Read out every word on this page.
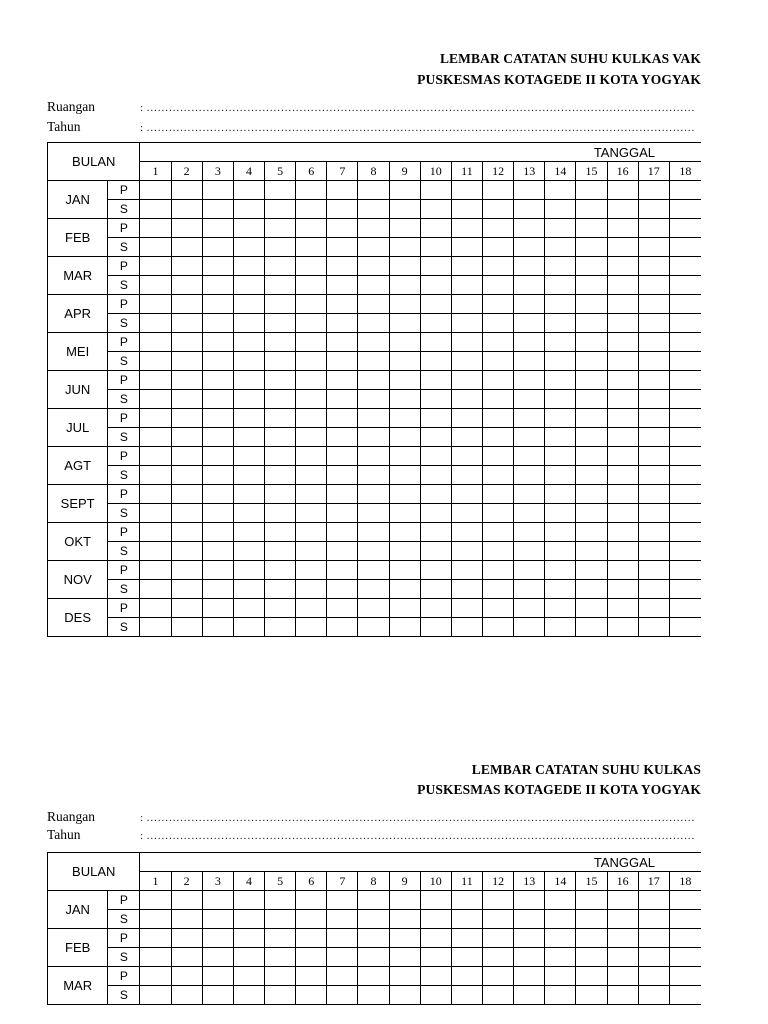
LEMBAR CATATAN SUHU KULKAS VAK
PUSKESMAS KOTAGEDE II KOTA YOGYAK
Ruangan	: …………………………………………………………………………………………………………………………………
Tahun	: …………………………………………………………………………………………………………………………………
BULAN		TANGGAL																	
		1	2	3	4	5	6	7	8	9	10	11	12	13	14	15	16	17	18
JAN	P																		
	S																		
FEB	P																		
	S																		
MAR	P																		
	S																		
APR	P																		
	S																		
MEI	P																		
	S																		
JUN	P																		
	S																		
JUL	P																		
	S																		
AGT	P																		
	S																		
SEPT	P																		
	S																		
OKT	P																		
	S																		
NOV	P																		
	S																		
DES	P																		
	S																		
LEMBAR CATATAN SUHU KULKAS
PUSKESMAS KOTAGEDE II KOTA YOGYAK
Ruangan	: …………………………………………………………………………………………………………………………………
Tahun	: …………………………………………………………………………………………………………………………………
BULAN		TANGGAL																	
		1	2	3	4	5	6	7	8	9	10	11	12	13	14	15	16	17	18
JAN	P																		
	S																		
FEB	P																		
	S																		
MAR	P																		
	S																		
